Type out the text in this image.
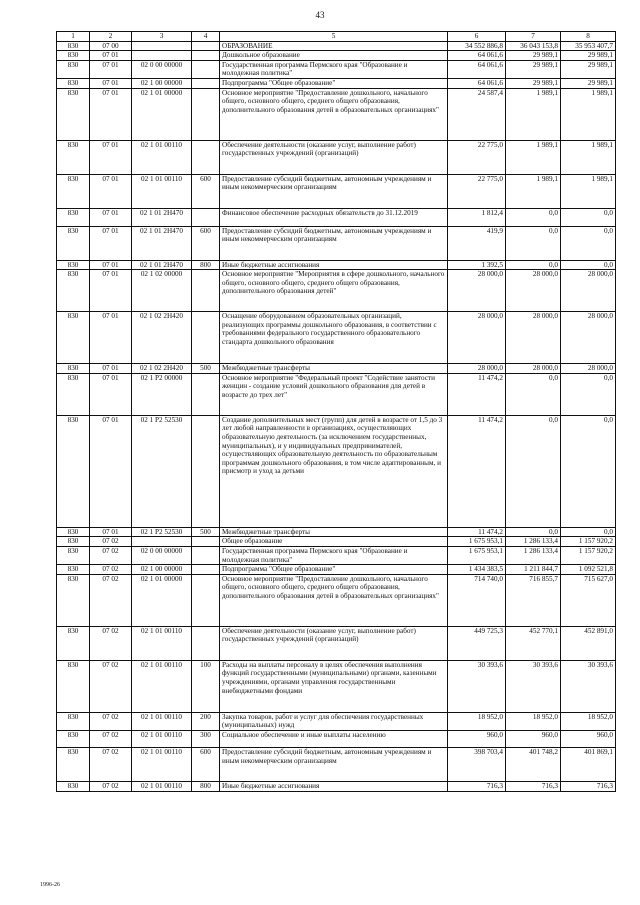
43
1	2	3	4	5	6	7	8
830	07 00			ОБРАЗОВАНИЕ	34 552 886,8	36 043 153,8	35 953 407,7
830	07 01			Дошкольное образование	64 061,6	29 989,1	29 989,1
830	07 01	02 0 00 00000		Государственная программа Пермского края "Образование и молодежная политика"	64 061,6	29 989,1	29 989,1
830	07 01	02 1 00 00000		Подпрограмма "Общее образование"	64 061,6	29 989,1	29 989,1
830	07 01	02 1 01 00000		Основное мероприятие "Предоставление дошкольного, начального общего, основного общего, среднего общего образования, дополнительного образования детей в образовательных организациях"	24 587,4	1 989,1	1 989,1
830	07 01	02 1 01 00110		Обеспечение деятельности (оказание услуг, выполнение работ) государственных учреждений (организаций)	22 775,0	1 989,1	1 989,1
830	07 01	02 1 01 00110	600	Предоставление субсидий бюджетным, автономным учреждениям и иным некоммерческим организациям	22 775,0	1 989,1	1 989,1
830	07 01	02 1 01 2Н470		Финансовое обеспечение расходных обязательств до 31.12.2019	1 812,4	0,0	0,0
830	07 01	02 1 01 2Н470	600	Предоставление субсидий бюджетным, автономным учреждениям и иным некоммерческим организациям	419,9	0,0	0,0
830	07 01	02 1 01 2Н470	800	Иные бюджетные ассигнования	1 392,5	0,0	0,0
830	07 01	02 1 02 00000		Основное мероприятие "Мероприятия в сфере дошкольного, начального общего, основного общего, среднего общего образования, дополнительного образования детей"	28 000,0	28 000,0	28 000,0
830	07 01	02 1 02 2Н420		Оснащение оборудованием образовательных организаций, реализующих программы дошкольного образования, в соответствии с требованиями федерального государственного образовательного стандарта дошкольного образования	28 000,0	28 000,0	28 000,0
830	07 01	02 1 02 2Н420	500	Межбюджетные трансферты	28 000,0	28 000,0	28 000,0
830	07 01	02 1 Р2 00000		Основное мероприятие "Федеральный проект "Содействие занятости женщин - создание условий дошкольного образования для детей в возрасте до трех лет"	11 474,2	0,0	0,0
830	07 01	02 1 Р2 52530		Создание дополнительных мест (групп) для детей в возрасте от 1,5 до 3 лет любой направленности в организациях, осуществляющих образовательную деятельность (за исключением государственных, муниципальных), и у индивидуальных предпринимателей, осуществляющих образовательную деятельность по образовательным программам дошкольного образования, в том числе адаптированным, и присмотр и уход за детьми	11 474,2	0,0	0,0
830	07 01	02 1 Р2 52530	500	Межбюджетные трансферты	11 474,2	0,0	0,0
830	07 02			Общее образование	1 675 953,1	1 286 133,4	1 157 920,2
830	07 02	02 0 00 00000		Государственная программа Пермского края "Образование и молодежная политика"	1 675 953,1	1 286 133,4	1 157 920,2
830	07 02	02 1 00 00000		Подпрограмма "Общее образование"	1 434 383,5	1 211 844,7	1 092 521,8
830	07 02	02 1 01 00000		Основное мероприятие "Предоставление дошкольного, начального общего, основного общего, среднего общего образования, дополнительного образования детей в образовательных организациях"	714 740,0	716 855,7	715 627,0
830	07 02	02 1 01 00110		Обеспечение деятельности (оказание услуг, выполнение работ) государственных учреждений (организаций)	449 725,3	452 770,1	452 891,0
830	07 02	02 1 01 00110	100	Расходы на выплаты персоналу в целях обеспечения выполнения функций государственными (муниципальными) органами, казенными учреждениями, органами управления государственными внебюджетными фондами	30 393,6	30 393,6	30 393,6
830	07 02	02 1 01 00110	200	Закупка товаров, работ и услуг для обеспечения государственных (муниципальных) нужд	18 952,0	18 952,0	18 952,0
830	07 02	02 1 01 00110	300	Социальное обеспечение и иные выплаты населению	960,0	960,0	960,0
830	07 02	02 1 01 00110	600	Предоставление субсидий бюджетным, автономным учреждениям и иным некоммерческим организациям	398 703,4	401 748,2	401 869,1
830	07 02	02 1 01 00110	800	Иные бюджетные ассигнования	716,3	716,3	716,3
1996-26
